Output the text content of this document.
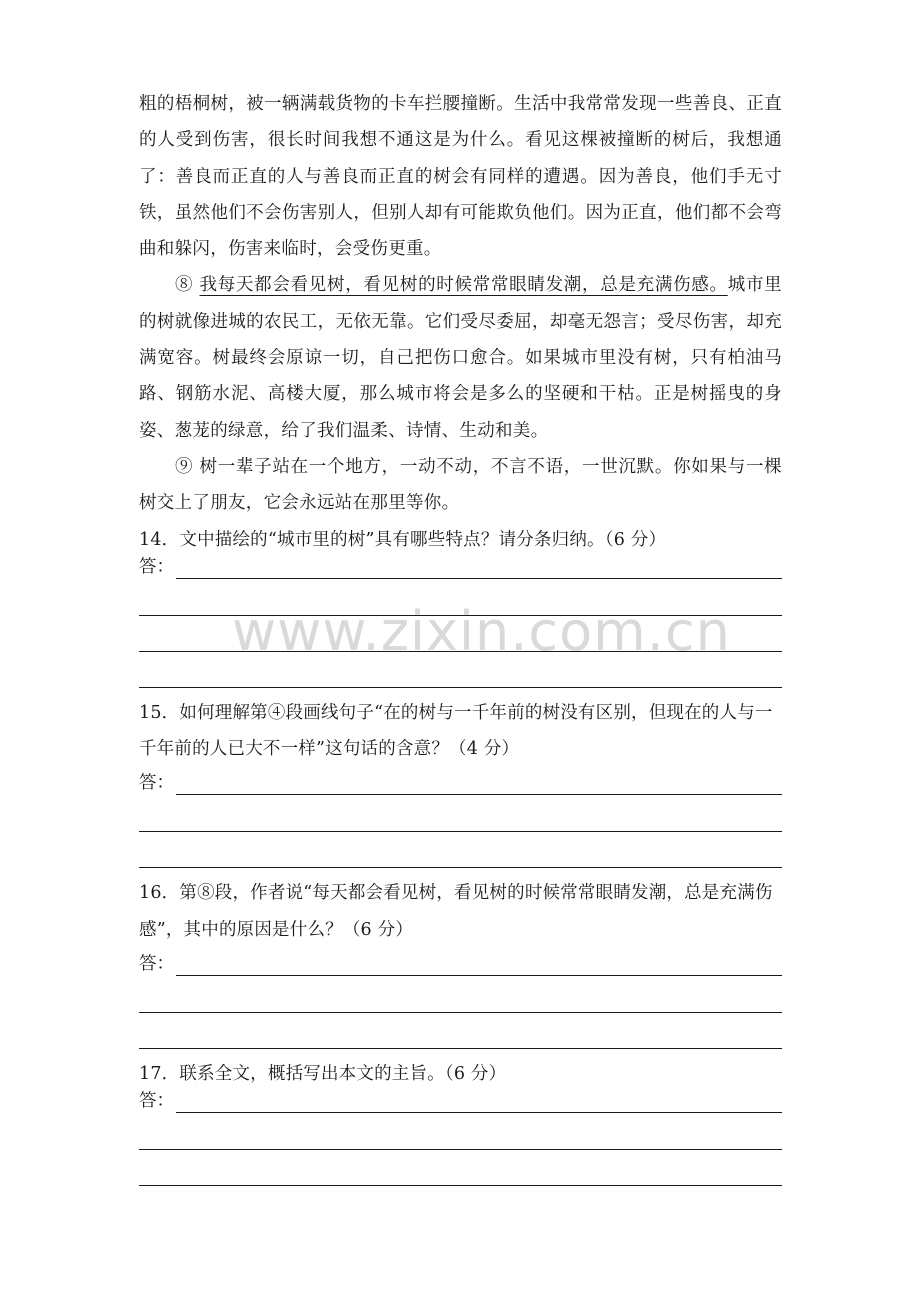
粗的梧桐树，被一辆满载货物的卡车拦腰撞断。生活中我常常发现一些善良、正直的人受到伤害，很长时间我想不通这是为什么。看见这棵被撞断的树后，我想通了：善良而正直的人与善良而正直的树会有同样的遭遇。因为善良，他们手无寸铁，虽然他们不会伤害别人，但别人却有可能欺负他们。因为正直，他们都不会弯曲和躲闪，伤害来临时，会受伤更重。

⑧ 我每天都会看见树，看见树的时候常常眼睛发潮，总是充满伤感。城市里的树就像进城的农民工，无依无靠。它们受尽委屈，却毫无怨言；受尽伤害，却充满宽容。树最终会原谅一切，自己把伤口愈合。如果城市里没有树，只有柏油马路、钢筋水泥、高楼大厦，那么城市将会是多么的坚硬和干枯。正是树摇曳的身姿、葱茏的绿意，给了我们温柔、诗情、生动和美。

⑨ 树一辈子站在一个地方，一动不动，不言不语，一世沉默。你如果与一棵树交上了朋友，它会永远站在那里等你。

14．文中描绘的“城市里的树”具有哪些特点？请分条归纳。（6 分）

答：

15．如何理解第④段画线句子“在的树与一千年前的树没有区别，但现在的人与一千年前的人已大不一样”这句话的含意？（4 分）

答：

16．第⑧段，作者说“每天都会看见树，看见树的时候常常眼睛发潮，总是充满伤感”，其中的原因是什么？（6 分）

答：

17．联系全文，概括写出本文的主旨。（6 分）

答：
www.zixin.com.cn
